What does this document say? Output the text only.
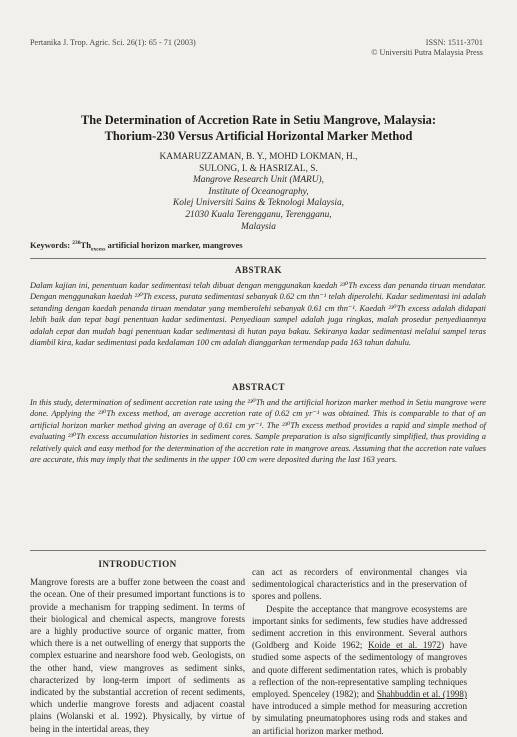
Pertanika J. Trop. Agric. Sci. 26(1): 65 - 71 (2003)	ISSN: 1511-3701
© Universiti Putra Malaysia Press
The Determination of Accretion Rate in Setiu Mangrove, Malaysia:
Thorium-230 Versus Artificial Horizontal Marker Method
KAMARUZZAMAN, B. Y., MOHD LOKMAN, H.,
SULONG, I. & HASRIZAL, S.
Mangrove Research Unit (MARU),
Institute of Oceanography,
Kolej Universiti Sains & Teknologi Malaysia,
21030 Kuala Terengganu, Terengganu,
Malaysia
Keywords: $^{230}Th_{excess}$ artificial horizon marker, mangroves
ABSTRAK
Dalam kajian ini, penentuan kadar sedimentasi telah dibuat dengan menggunakan kaedah ²³⁰Th excess dan penanda tiruan mendatar. Dengan menggunakan kaedah ²³⁰Th excess, purata sedimentasi sebanyak 0.62 cm thn⁻¹ telah diperolehi. Kadar sedimentasi ini adalah setanding dengan kaedah penanda tiruan mendatar yang memberolehi sebanyak 0.61 cm thn⁻¹. Kaedah ²³⁰Th excess adalah didapati lebih baik dan tepat bagi penentuan kadar sedimentasi. Penyediaan sampel adalah juga ringkas, malah prosedur penyediaannya adalah cepat dan mudah bagi penentuan kadar sedimentasi di hutan paya bakau. Sekiranya kadar sedimentasi melalui sampel teras diambil kira, kadar sedimentasi pada kedalaman 100 cm adalah dianggarkan termendap pada 163 tahun dahulu.
ABSTRACT
In this study, determination of sediment accretion rate using the ²³⁰Th and the artificial horizon marker method in Setiu mangrove were done. Applying the ²³⁰Th excess method, an average accretion rate of 0.62 cm yr⁻¹ was obtained. This is comparable to that of an artificial horizon marker method giving an average of 0.61 cm yr⁻¹. The ²³⁰Th excess method provides a rapid and simple method of evaluating ²³⁰Th excess accumulation histories in sediment cores. Sample preparation is also significantly simplified, thus providing a relatively quick and easy method for the determination of the accretion rate in mangrove areas. Assuming that the accretion rate values are accurate, this may imply that the sediments in the upper 100 cm were deposited during the last 163 years.
INTRODUCTION

Mangrove forests are a buffer zone between the coast and the ocean. One of their presumed important functions is to provide a mechanism for trapping sediment. In terms of their biological and chemical aspects, mangrove forests are a highly productive source of organic matter, from which there is a net outwelling of energy that supports the complex estuarine and nearshore food web. Geologists, on the other hand, view mangroves as sediment sinks, characterized by long-term import of sediments as indicated by the substantial accretion of recent sediments, which underlie mangrove forests and adjacent coastal plains (Wolanski et al. 1992). Physically, by virtue of being in the intertidal areas, they

can act as recorders of environmental changes via sedimentological characteristics and in the preservation of spores and pollens.

Despite the acceptance that mangrove ecosystems are important sinks for sediments, few studies have addressed sediment accretion in this environment. Several authors (Goldberg and Koide 1962; Koide et al. 1972) have studied some aspects of the sedimentology of mangroves and quote different sedimentation rates, which is probably a reflection of the non-representative sampling techniques employed. Spenceley (1982); and Shahbuddin et al. (1998) have introduced a simple method for measuring accretion by simulating pneumatophores using rods and stakes and an artificial horizon marker method.
